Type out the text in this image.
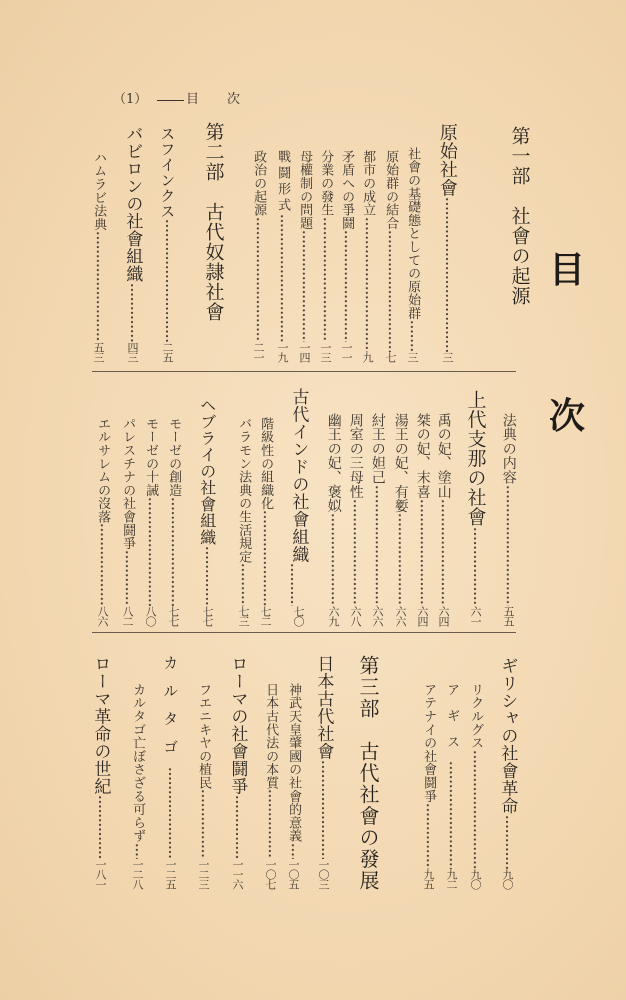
（1）	目 次
目
次
第一部　社會の起源
原始社會
三
社會の基礎態としての原始群
三
原始群の結合
七
都市の成立
九
矛盾への爭鬪
一一
分業の發生
一三
母權制の問題
一四
戰鬪形式
一九
政治の起源
二一
第二部　古代奴隷社會
スフインクス
二五
バビロンの社會組織
四三
ハムラビ法典
五三
法典の内容
五五
上代支那の社會
六一
禹の妃、塗山
六四
桀の妃、末喜
六四
湯王の妃、有㜪
六六
紂王の妲己
六六
周室の三母性
六八
幽王の妃、褒姒
六九
古代インドの社會組織
七〇
階級性の組織化
七二
バラモン法典の生活規定
七三
ヘブライの社會組織
七七
モーゼの創造
七七
モーゼの十誡
八〇
パレスチナの社會鬪爭
八二
エルサレムの沒落
八六
ギリシャの社會革命
九〇
リクルグス
九〇
アギス
九二
アテナイの社會鬪爭
九五
第三部　古代社會の發展
日本古代社會
一〇三
神武天皇肇國の社會的意義
一〇五
日本古代法の本質
一〇七
ローマの社會鬪爭
一一六
フエニキヤの植民
一二三
カルタゴ
一二五
カルタゴ亡ぼさざる可らず
一二八
ローマ革命の世紀
一八一
